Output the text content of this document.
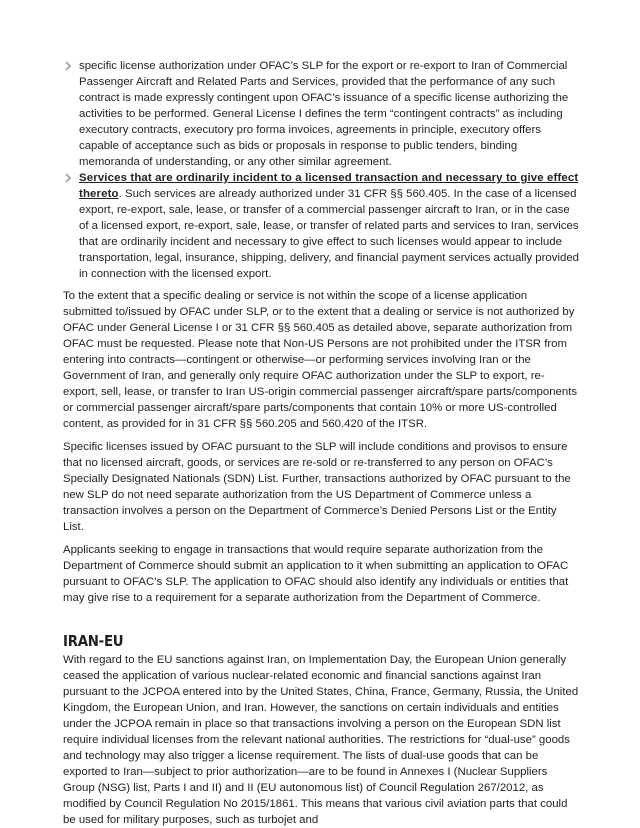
specific license authorization under OFAC’s SLP for the export or re-export to Iran of Commercial Passenger Aircraft and Related Parts and Services, provided that the performance of any such contract is made expressly contingent upon OFAC’s issuance of a specific license authorizing the activities to be performed. General License I defines the term “contingent contracts” as including executory contracts, executory pro forma invoices, agreements in principle, executory offers capable of acceptance such as bids or proposals in response to public tenders, binding memoranda of understanding, or any other similar agreement.

Services that are ordinarily incident to a licensed transaction and necessary to give effect thereto. Such services are already authorized under 31 CFR §§ 560.405. In the case of a licensed export, re-export, sale, lease, or transfer of a commercial passenger aircraft to Iran, or in the case of a licensed export, re-export, sale, lease, or transfer of related parts and services to Iran, services that are ordinarily incident and necessary to give effect to such licenses would appear to include transportation, legal, insurance, shipping, delivery, and financial payment services actually provided in connection with the licensed export.

To the extent that a specific dealing or service is not within the scope of a license application submitted to/issued by OFAC under SLP, or to the extent that a dealing or service is not authorized by OFAC under General License I or 31 CFR §§ 560.405 as detailed above, separate authorization from OFAC must be requested. Please note that Non-US Persons are not prohibited under the ITSR from entering into contracts—contingent or otherwise—or performing services involving Iran or the Government of Iran, and generally only require OFAC authorization under the SLP to export, re-export, sell, lease, or transfer to Iran US-origin commercial passenger aircraft/spare parts/components or commercial passenger aircraft/spare parts/components that contain 10% or more US-controlled content, as provided for in 31 CFR §§ 560.205 and 560.420 of the ITSR.

Specific licenses issued by OFAC pursuant to the SLP will include conditions and provisos to ensure that no licensed aircraft, goods, or services are re-sold or re-transferred to any person on OFAC’s Specially Designated Nationals (SDN) List. Further, transactions authorized by OFAC pursuant to the new SLP do not need separate authorization from the US Department of Commerce unless a transaction involves a person on the Department of Commerce’s Denied Persons List or the Entity List.

Applicants seeking to engage in transactions that would require separate authorization from the Department of Commerce should submit an application to it when submitting an application to OFAC pursuant to OFAC’s SLP. The application to OFAC should also identify any individuals or entities that may give rise to a requirement for a separate authorization from the Department of Commerce.

IRAN-EU

With regard to the EU sanctions against Iran, on Implementation Day, the European Union generally ceased the application of various nuclear-related economic and financial sanctions against Iran pursuant to the JCPOA entered into by the United States, China, France, Germany, Russia, the United Kingdom, the European Union, and Iran. However, the sanctions on certain individuals and entities under the JCPOA remain in place so that transactions involving a person on the European SDN list require individual licenses from the relevant national authorities. The restrictions for “dual-use” goods and technology may also trigger a license requirement. The lists of dual-use goods that can be exported to Iran—subject to prior authorization—are to be found in Annexes I (Nuclear Suppliers Group (NSG) list, Parts I and II) and II (EU autonomous list) of Council Regulation 267/2012, as modified by Council Regulation No 2015/1861. This means that various civil aviation parts that could be used for military purposes, such as turbojet and
